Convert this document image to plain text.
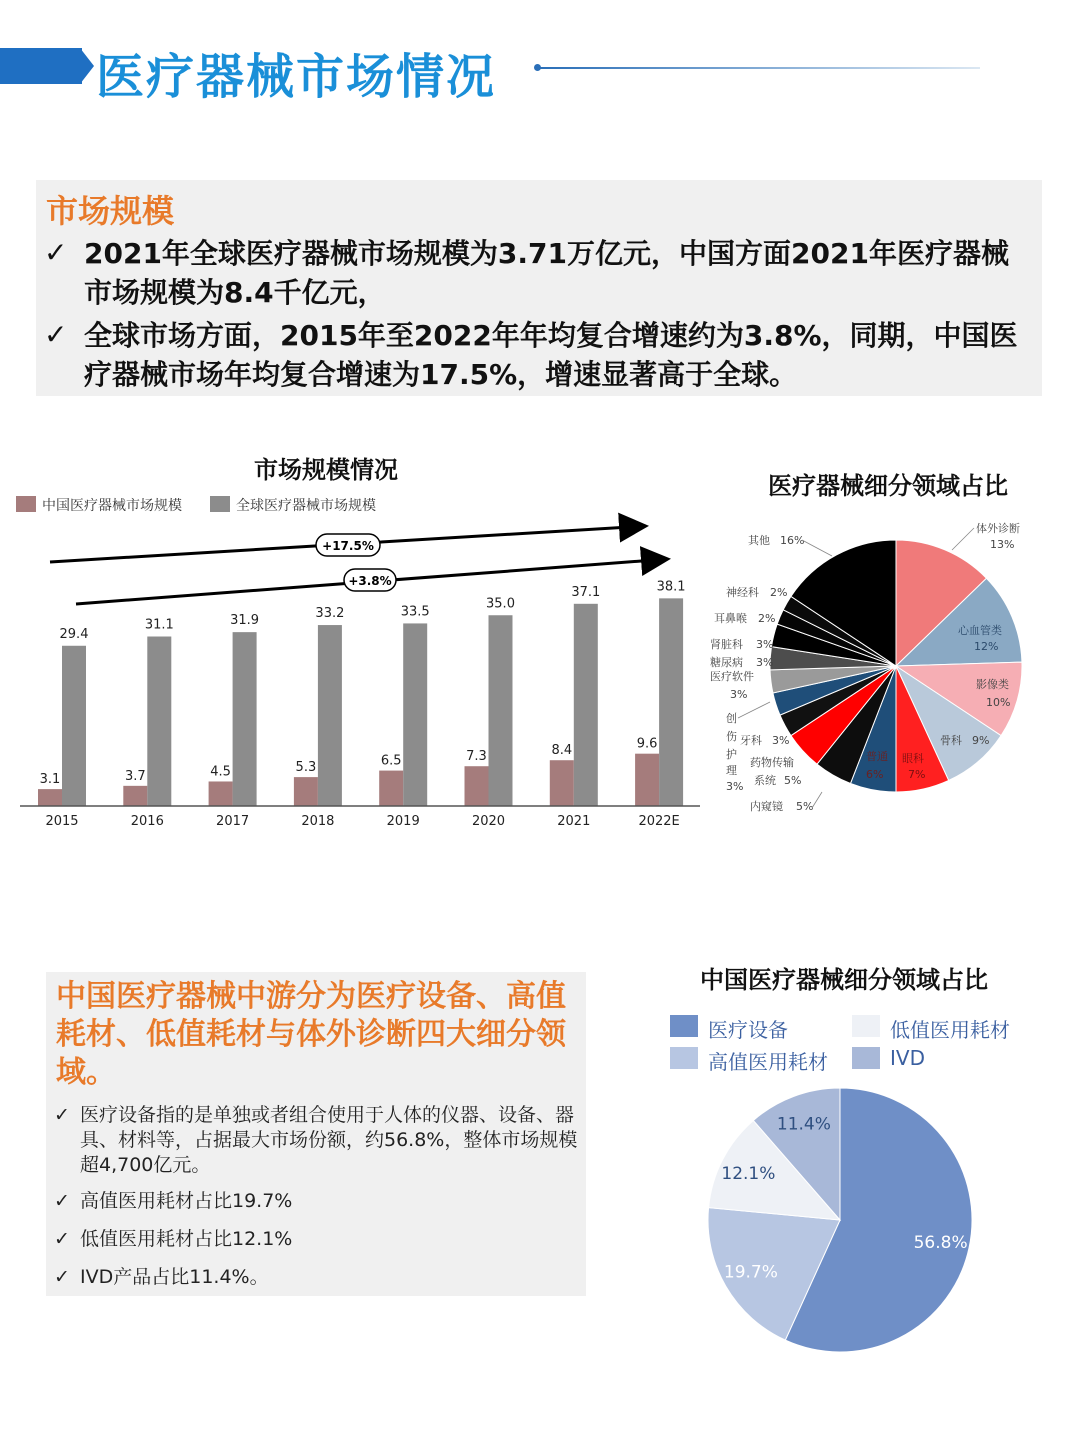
医疗器械市场情况
市场规模
✓ 2021年全球医疗器械市场规模为3.71万亿元，中国方面2021年医疗器械市场规模为8.4千亿元，
✓ 全球市场方面，2015年至2022年年均复合增速约为3.8%，同期，中国医疗器械市场年均复合增速为17.5%，增速显著高于全球。
市场规模情况
中国医疗器械市场规模	全球医疗器械市场规模
+17.5%
+3.8%
3.1
29.4
2015
3.7
31.1
2016
4.5
31.9
2017
5.3
33.2
2018
6.5
33.5
2019
7.3
35.0
2020
8.4
37.1
2021
9.6
38.1
2022E
医疗器械细分领域占比
体外诊断
13%
心血管类
12%
影像类
10%
骨科 9%
眼科
7%
普通
6%
内窥镜 5%
药物传输
系统 5%
创
伤
护
理
3%
牙科 3%
医疗软件
3%
糖尿病 3%
肾脏科 3%
耳鼻喉 2%
神经科 2%
其他 16%
中国医疗器械中游分为医疗设备、高值耗材、低值耗材与体外诊断四大细分领域。
✓ 医疗设备指的是单独或者组合使用于人体的仪器、设备、器具、材料等，占据最大市场份额，约56.8%，整体市场规模超4,700亿元。
✓ 高值医用耗材占比19.7%
✓ 低值医用耗材占比12.1%
✓ IVD产品占比11.4%。
中国医疗器械细分领域占比
医疗设备	低值医用耗材
高值医用耗材	IVD
56.8%
19.7%
12.1%
11.4%
